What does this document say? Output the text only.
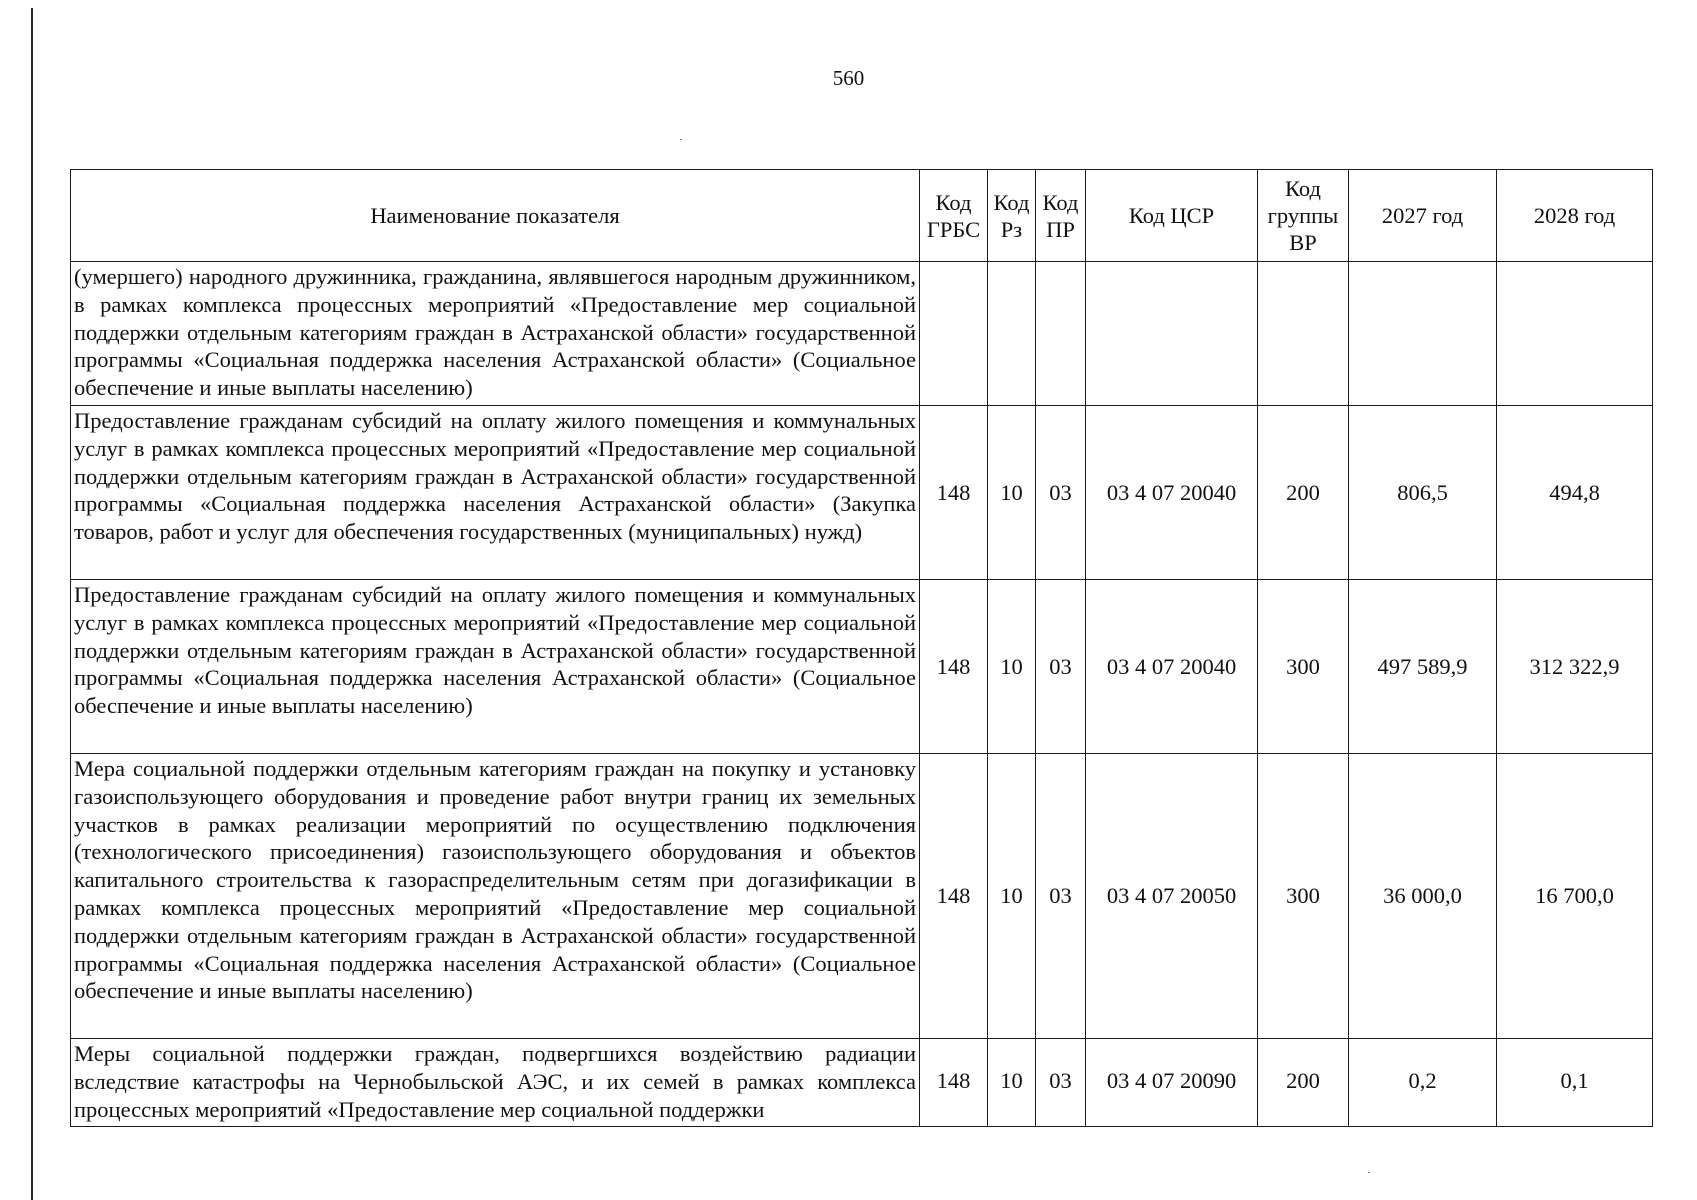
560
Наименование показателя	Код ГРБС	Код Рз	Код ПР	Код ЦСР	Код группы ВР	2027 год	2028 год
(умершего) народного дружинника, гражданина, являвшегося народным дружинником, в рамках комплекса процессных мероприятий «Предоставление мер социальной поддержки отдельным категориям граждан в Астраханской области» государственной программы «Социальная поддержка населения Астраханской области» (Социальное обеспечение и иные выплаты населению)							
Предоставление гражданам субсидий на оплату жилого помещения и коммунальных услуг в рамках комплекса процессных мероприятий «Предоставление мер социальной поддержки отдельным категориям граждан в Астраханской области» государственной программы «Социальная поддержка населения Астраханской области» (Закупка товаров, работ и услуг для обеспечения государственных (муниципальных) нужд)	148	10	03	03 4 07 20040	200	806,5	494,8
Предоставление гражданам субсидий на оплату жилого помещения и коммунальных услуг в рамках комплекса процессных мероприятий «Предоставление мер социальной поддержки отдельным категориям граждан в Астраханской области» государственной программы «Социальная поддержка населения Астраханской области» (Социальное обеспечение и иные выплаты населению)	148	10	03	03 4 07 20040	300	497 589,9	312 322,9
Мера социальной поддержки отдельным категориям граждан на покупку и установку газоиспользующего оборудования и проведение работ внутри границ их земельных участков в рамках реализации мероприятий по осуществлению подключения (технологического присоединения) газоиспользующего оборудования и объектов капитального строительства к газораспределительным сетям при догазификации в рамках комплекса процессных мероприятий «Предоставление мер социальной поддержки отдельным категориям граждан в Астраханской области» государственной программы «Социальная поддержка населения Астраханской области» (Социальное обеспечение и иные выплаты населению)	148	10	03	03 4 07 20050	300	36 000,0	16 700,0
Меры социальной поддержки граждан, подвергшихся воздействию радиации вследствие катастрофы на Чернобыльской АЭС, и их семей в рамках комплекса процессных мероприятий «Предоставление мер социальной поддержки	148	10	03	03 4 07 20090	200	0,2	0,1
